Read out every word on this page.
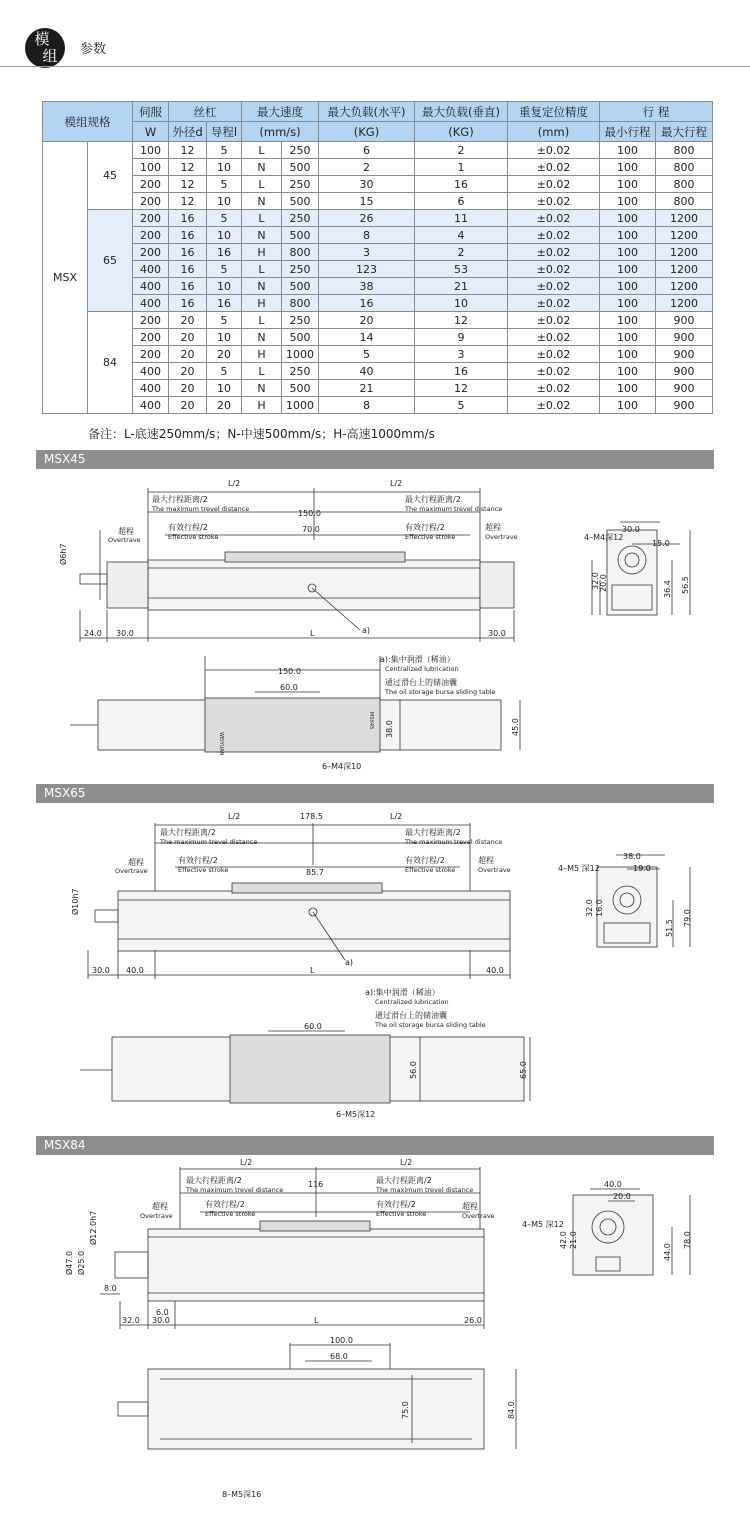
模
组	参数
模组规格		伺服	丝杠		最大速度		最大负载(水平)	最大负载(垂直)	重复定位精度	行 程	
		W	外径d	导程l	(mm/s)		(KG)	(KG)	(mm)	最小行程	最大行程
MSX	45	100	12	5	L	250	6	2	±0.02	100	800
		100	12	10	N	500	2	1	±0.02	100	800
		200	12	5	L	250	30	16	±0.02	100	800
		200	12	10	N	500	15	6	±0.02	100	800
	65	200	16	5	L	250	26	11	±0.02	100	1200
		200	16	10	N	500	8	4	±0.02	100	1200
		200	16	16	H	800	3	2	±0.02	100	1200
		400	16	5	L	250	123	53	±0.02	100	1200
		400	16	10	N	500	38	21	±0.02	100	1200
		400	16	16	H	800	16	10	±0.02	100	1200
	84	200	20	5	L	250	20	12	±0.02	100	900
		200	20	10	N	500	14	9	±0.02	100	900
		200	20	20	H	1000	5	3	±0.02	100	900
		400	20	5	L	250	40	16	±0.02	100	900
		400	20	10	N	500	21	12	±0.02	100	900
		400	20	20	H	1000	8	5	±0.02	100	900
备注：L-底速250mm/s；N-中速500mm/s；H-高速1000mm/s
MSX45
MSX65
MSX84
L/2	L/2
最大行程距离/2
The maximum trevel distance
最大行程距离/2
The maximum trevel distance
150.0
70.0
有效行程/2
Effective stroke
有效行程/2
Effective stroke
超程
Overtrave
超程
Overtrave
Ø6h7
24.0 30.0	L	30.0
a)
4–M4深12
30.0
15.0
32.0 20.0	36.4 56.5
a):集中润滑（稀油）
Centralized lubrication
通过滑台上的储油囊
The oil storage bursa sliding table
150.0
60.0
38.0	45.0
WEIYUAN
MSX45
6–M4深10
L/2	L/2
最大行程距离/2
The maximum trevel distance
最大行程距离/2
The maximum trevel distance
178.5
85.7
有效行程/2
Effective stroke
有效行程/2
Effective stroke
超程
Overtrave
超程
Overtrave
Ø10h7
30.0 40.0	L	40.0
a)
4–M5 深12
38.0
19.0
32.0 16.0
51.5
79.0
a):集中润滑（稀油）
Centralized lubrication
通过滑台上的储油囊
The oil storage bursa sliding table
60.0
56.0	65.0
6–M5深12
L/2	L/2
最大行程距离/2
The maximum trevel distance
最大行程距离/2
The maximum trevel distance
116
有效行程/2
Effective stroke
有效行程/2
Effective stroke
超程
Overtrave
超程
Overtrave
Ø12.0h7
Ø47.0 Ø25.0
8.0
6.0
32.0 30.0	L	26.0
4–M5 深12
40.0
20.0
42.0 21.0
44.0
78.0
100.0
68.0
75.0	84.0
8–M5深16
